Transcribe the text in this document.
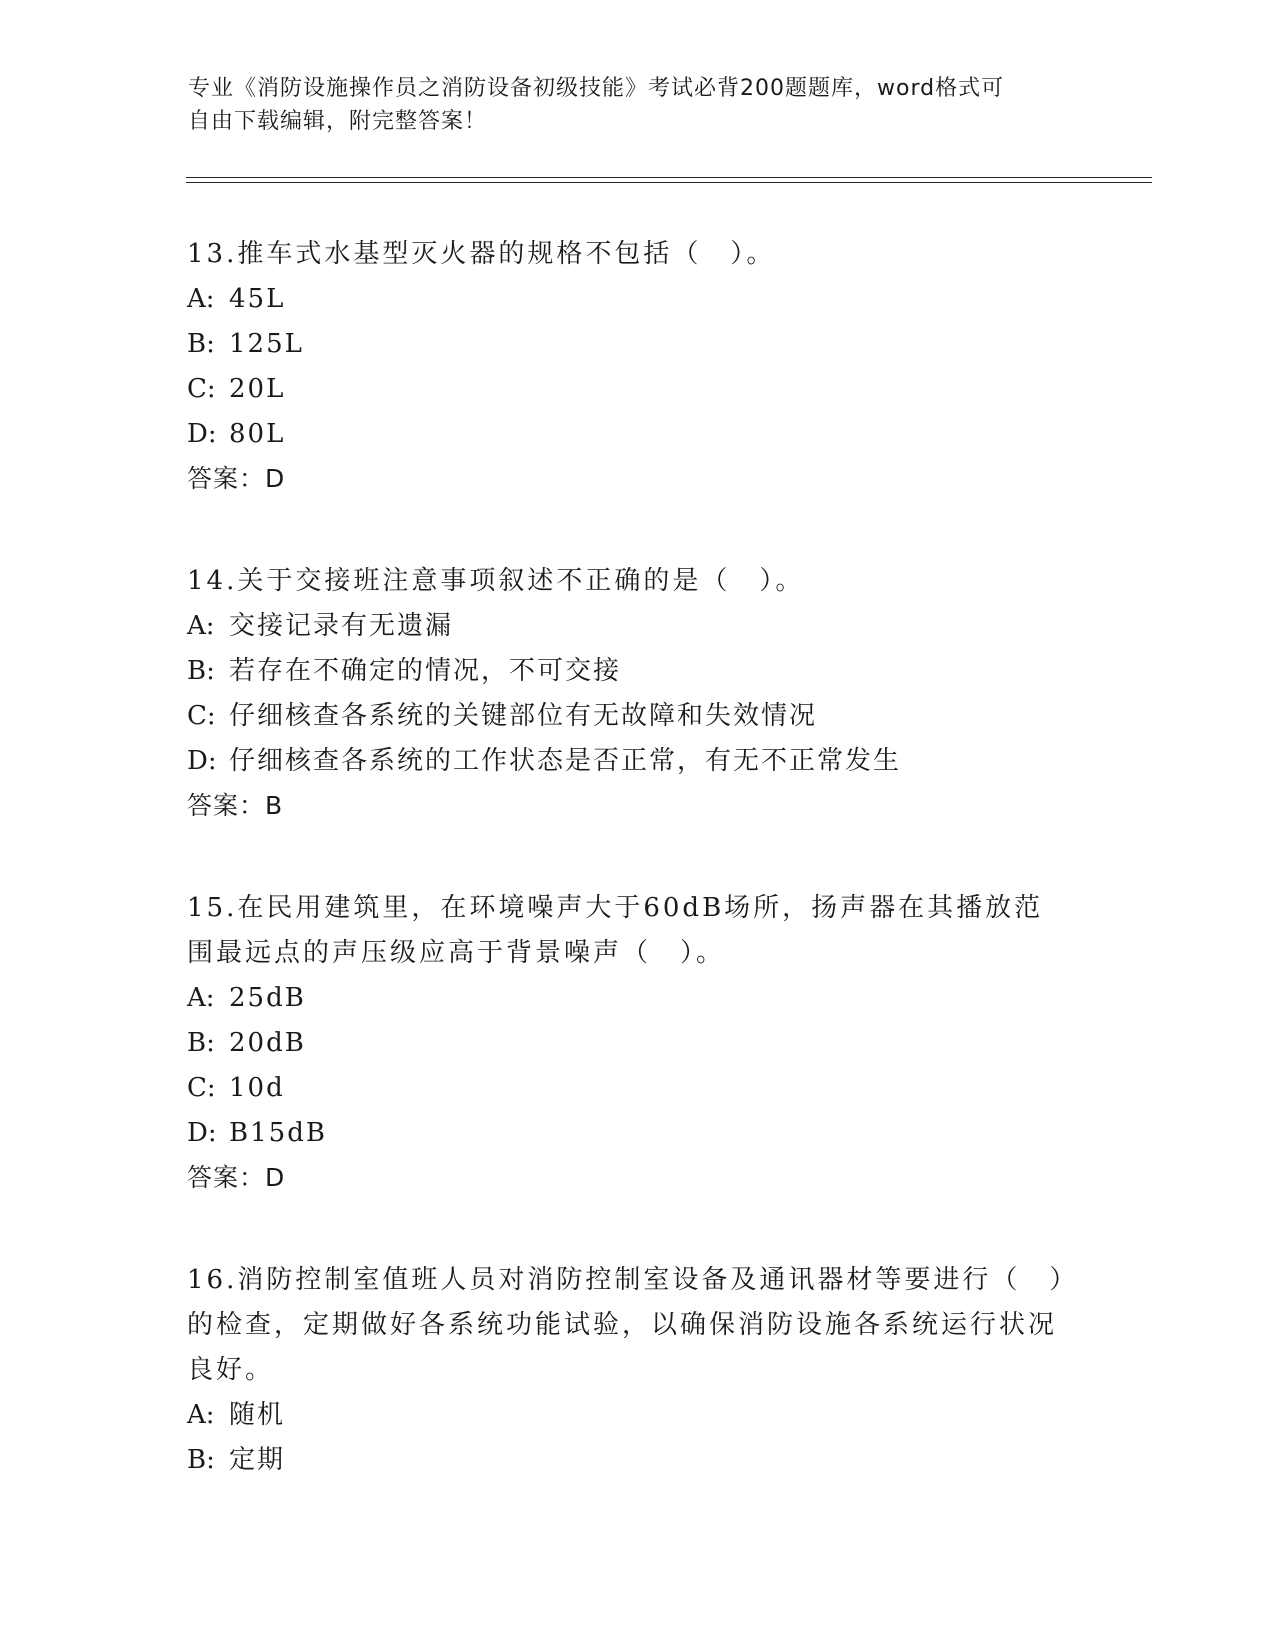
专业《消防设施操作员之消防设备初级技能》考试必背200题题库，word格式可
自由下载编辑，附完整答案！

13.推车式水基型灭火器的规格不包括（　）。

A: 45L

B: 125L

C: 20L

D: 80L

答案：D

14.关于交接班注意事项叙述不正确的是（　）。

A: 交接记录有无遗漏

B: 若存在不确定的情况，不可交接

C: 仔细核查各系统的关键部位有无故障和失效情况

D: 仔细核查各系统的工作状态是否正常，有无不正常发生

答案：B

15.在民用建筑里，在环境噪声大于60dB场所，扬声器在其播放范围最远点的声压级应高于背景噪声（　）。

A: 25dB

B: 20dB

C: 10d

D: B15dB

答案：D

16.消防控制室值班人员对消防控制室设备及通讯器材等要进行（　）的检查，定期做好各系统功能试验，以确保消防设施各系统运行状况良好。

A: 随机

B: 定期
